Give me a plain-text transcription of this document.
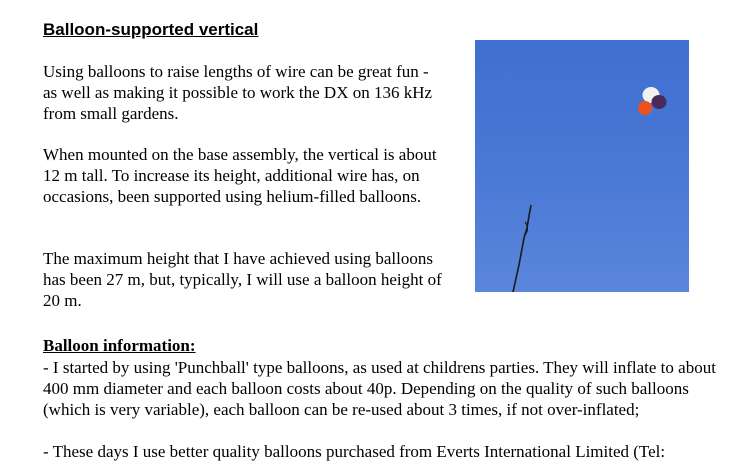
Balloon-supported vertical

Using balloons to raise lengths of wire can be great fun - as well as making it possible to work the DX on 136 kHz from small gardens.

When mounted on the base assembly, the vertical is about 12 m tall. To increase its height, additional wire has, on occasions, been supported using helium-filled balloons.

The maximum height that I have achieved using balloons has been 27 m, but, typically, I will use a balloon height of 20 m.

Balloon information:

- I started by using 'Punchball' type balloons, as used at childrens parties. They will inflate to about 400 mm diameter and each balloon costs about 40p. Depending on the quality of such balloons (which is very variable), each balloon can be re-used about 3 times, if not over-inflated;

- These days I use better quality balloons purchased from Everts International Limited (Tel:
